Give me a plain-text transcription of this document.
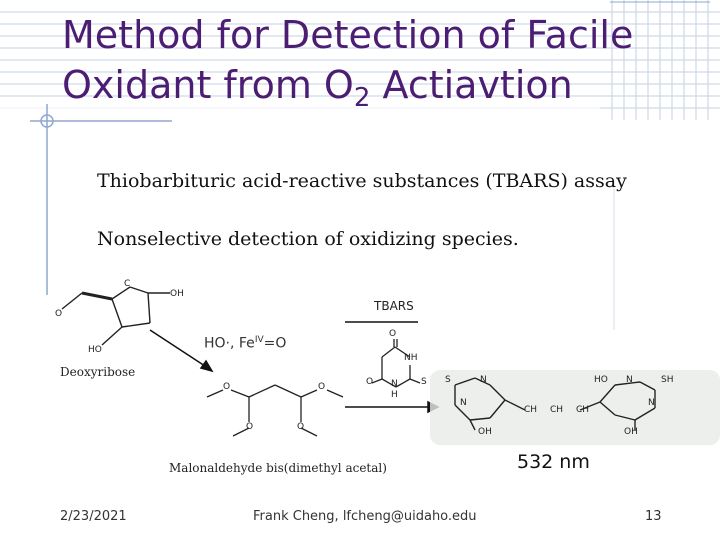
Method for Detection of Facile
Oxidant from $O_2$ Actiavtion
Thiobarbituric acid-reactive substances (TBARS) assay
Nonselective detection of oxidizing species.
C
OH
O
HO
Deoxyribose
HO·, $Fe^{IV}=O$
TBARS
O	O
O	O
Malonaldehyde bis(dimethyl acetal)
O
NH
O N
H
S S	N
N
CH CH CH
HO N	SH
N
OH	OH
532 nm
2/23/2021	Frank Cheng, lfcheng@uidaho.edu	13
